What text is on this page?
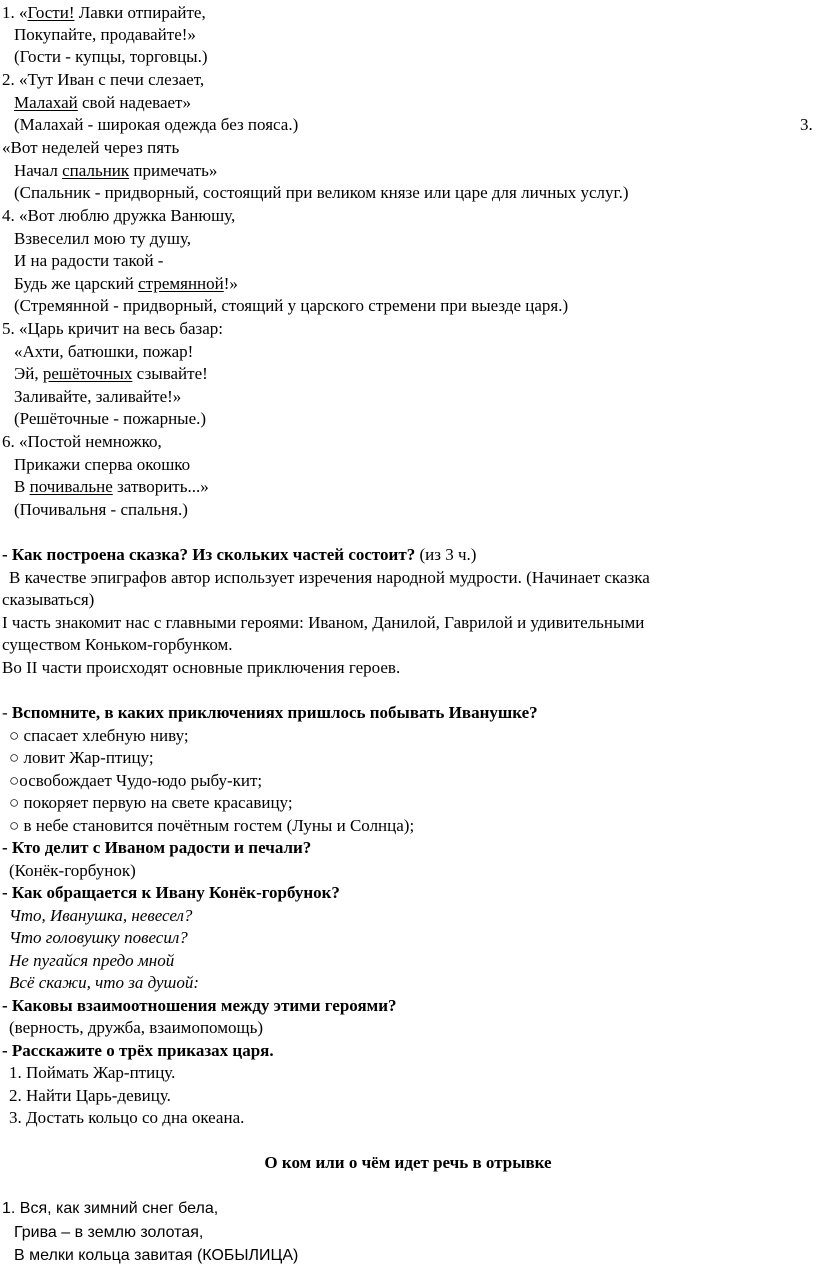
1. «Гости! Лавки отпирайте,
Покупайте, продавайте!»
(Гости - купцы, торговцы.)
2. «Тут Иван с печи слезает,
Малахай свой надевает»
(Малахай - широкая одежда без пояса.)	3.
«Вот неделей через пять
Начал спальник примечать»
(Спальник - придворный, состоящий при великом князе или царе для личных услуг.)
4. «Вот люблю дружка Ванюшу,
Взвеселил мою ту душу,
И на радости такой -
Будь же царский стремянной!»
(Стремянной - придворный, стоящий у царского стремени при выезде царя.)
5. «Царь кричит на весь базар:
«Ахти, батюшки, пожар!
Эй, решёточных сзывайте!
Заливайте, заливайте!»
(Решёточные - пожарные.)
6. «Постой немножко,
Прикажи сперва окошко
В почивальне затворить...»
(Почивальня - спальня.)
- Как построена сказка? Из скольких частей состоит? (из 3 ч.)
В качестве эпиграфов автор использует изречения народной мудрости. (Начинает сказка
сказываться)
I часть знакомит нас с главными героями: Иваном, Данилой, Гаврилой и удивительными
существом Коньком-горбунком.
Во II части происходят основные приключения героев.
- Вспомните, в каких приключениях пришлось побывать Иванушке?
○ спасает хлебную ниву;
○ ловит Жар-птицу;
○освобождает Чудо-юдо рыбу-кит;
○ покоряет первую на свете красавицу;
○ в небе становится почётным гостем (Луны и Солнца);
- Кто делит с Иваном радости и печали?
(Конёк-горбунок)
- Как обращается к Ивану Конёк-горбунок?
Что, Иванушка, невесел?
Что головушку повесил?
Не пугайся предо мной
Всё скажи, что за душой:
- Каковы взаимоотношения между этими героями?
(верность, дружба, взаимопомощь)
- Расскажите о трёх приказах царя.
1. Поймать Жар-птицу.
2. Найти Царь-девицу.
3. Достать кольцо со дна океана.
О ком или о чём идет речь в отрывке
1. Вся, как зимний снег бела,
Грива – в землю золотая,
В мелки кольца завитая (КОБЫЛИЦА)
